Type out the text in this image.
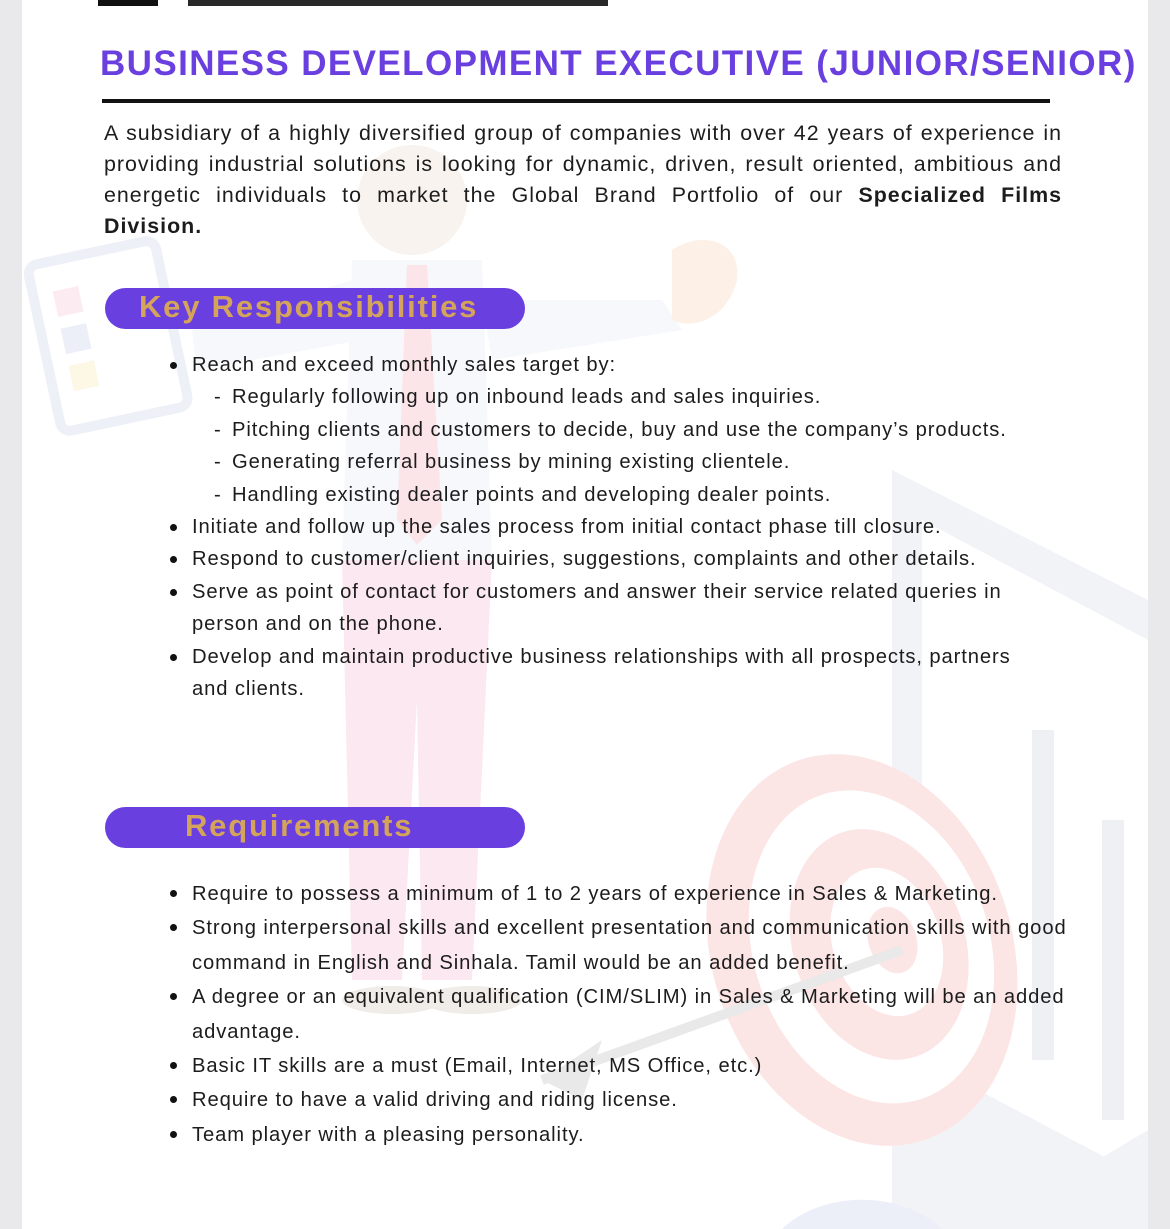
BUSINESS DEVELOPMENT EXECUTIVE (JUNIOR/SENIOR)

A subsidiary of a highly diversified group of companies with over 42 years of experience in providing industrial solutions is looking for dynamic, driven, result oriented, ambitious and energetic individuals to market the Global Brand Portfolio of our Specialized Films Division.

Key Responsibilities
Reach and exceed monthly sales target by:
- Regularly following up on inbound leads and sales inquiries.
- Pitching clients and customers to decide, buy and use the company’s products.
- Generating referral business by mining existing clientele.
- Handling existing dealer points and developing dealer points.
Initiate and follow up the sales process from initial contact phase till closure.
Respond to customer/client inquiries, suggestions, complaints and other details.
Serve as point of contact for customers and answer their service related queries in person and on the phone.
Develop and maintain productive business relationships with all prospects, partners and clients.
Requirements
Require to possess a minimum of 1 to 2 years of experience in Sales & Marketing.
Strong interpersonal skills and excellent presentation and communication skills with good command in English and Sinhala. Tamil would be an added benefit.
A degree or an equivalent qualification (CIM/SLIM) in Sales & Marketing will be an added advantage.
Basic IT skills are a must (Email, Internet, MS Office, etc.)
Require to have a valid driving and riding license.
Team player with a pleasing personality.
